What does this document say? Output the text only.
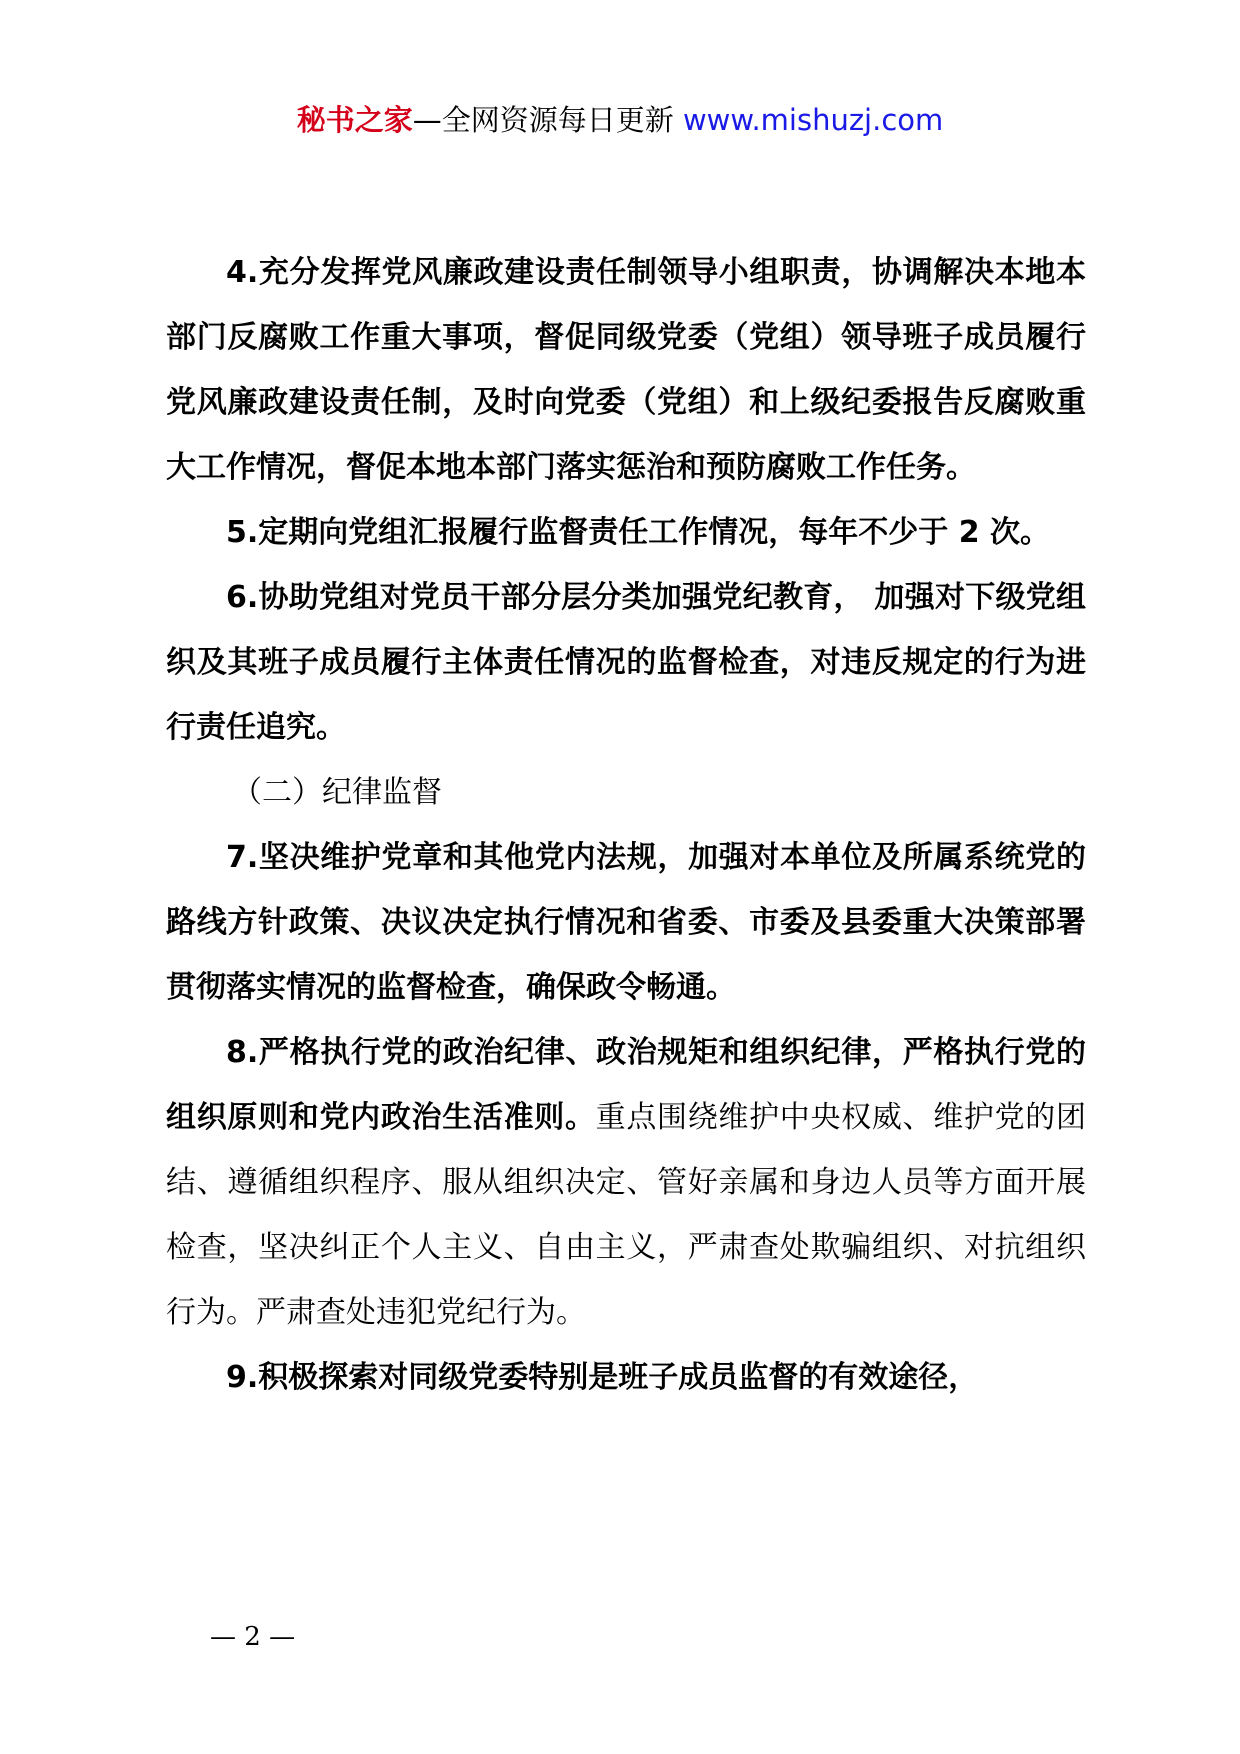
秘书之家—全网资源每日更新 www.mishuzj.com

4.充分发挥党风廉政建设责任制领导小组职责，协调解决本地本部门反腐败工作重大事项，督促同级党委（党组）领导班子成员履行党风廉政建设责任制，及时向党委（党组）和上级纪委报告反腐败重大工作情况，督促本地本部门落实惩治和预防腐败工作任务。

5.定期向党组汇报履行监督责任工作情况，每年不少于 2 次。

6.协助党组对党员干部分层分类加强党纪教育， 加强对下级党组织及其班子成员履行主体责任情况的监督检查，对违反规定的行为进行责任追究。

（二）纪律监督

7.坚决维护党章和其他党内法规，加强对本单位及所属系统党的路线方针政策、决议决定执行情况和省委、市委及县委重大决策部署贯彻落实情况的监督检查，确保政令畅通。

8.严格执行党的政治纪律、政治规矩和组织纪律，严格执行党的组织原则和党内政治生活准则。重点围绕维护中央权威、维护党的团结、遵循组织程序、服从组织决定、管好亲属和身边人员等方面开展检查，坚决纠正个人主义、自由主义，严肃查处欺骗组织、对抗组织行为。严肃查处违犯党纪行为。

9.积极探索对同级党委特别是班子成员监督的有效途径，

— 2 —
